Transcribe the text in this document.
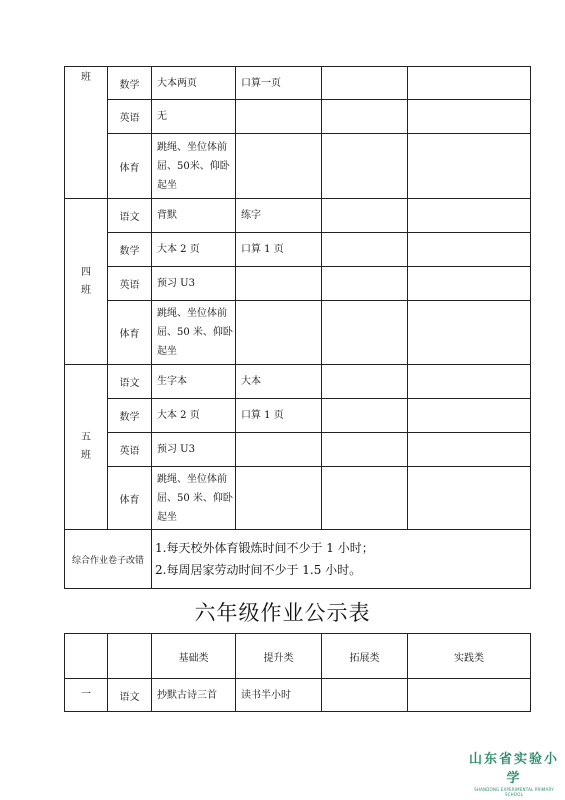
班	数学	大本两页	口算一页		
	英语	无			
	体育	跳绳、坐位体前屈、50米、仰卧起坐			
四
班	语文	背默	练字		
	数学	大本 2 页	口算 1 页		
	英语	预习 U3			
	体育	跳绳、坐位体前屈、50 米、仰卧起坐			
五
班	语文	生字本	大本		
	数学	大本 2 页	口算 1 页		
	英语	预习 U3			
	体育	跳绳、坐位体前屈、50 米、仰卧起坐			
综合作业卷子改错		1.每天校外体育锻炼时间不少于 1 小时；
2.每周居家劳动时间不少于 1.5 小时。			
六年级作业公示表
		基础类	提升类	拓展类	实践类
一	语文	抄默古诗三首	读书半小时		
山东省实验小学
SHANDONG EXPERIMENTAL PRIMARY SCHOOL
